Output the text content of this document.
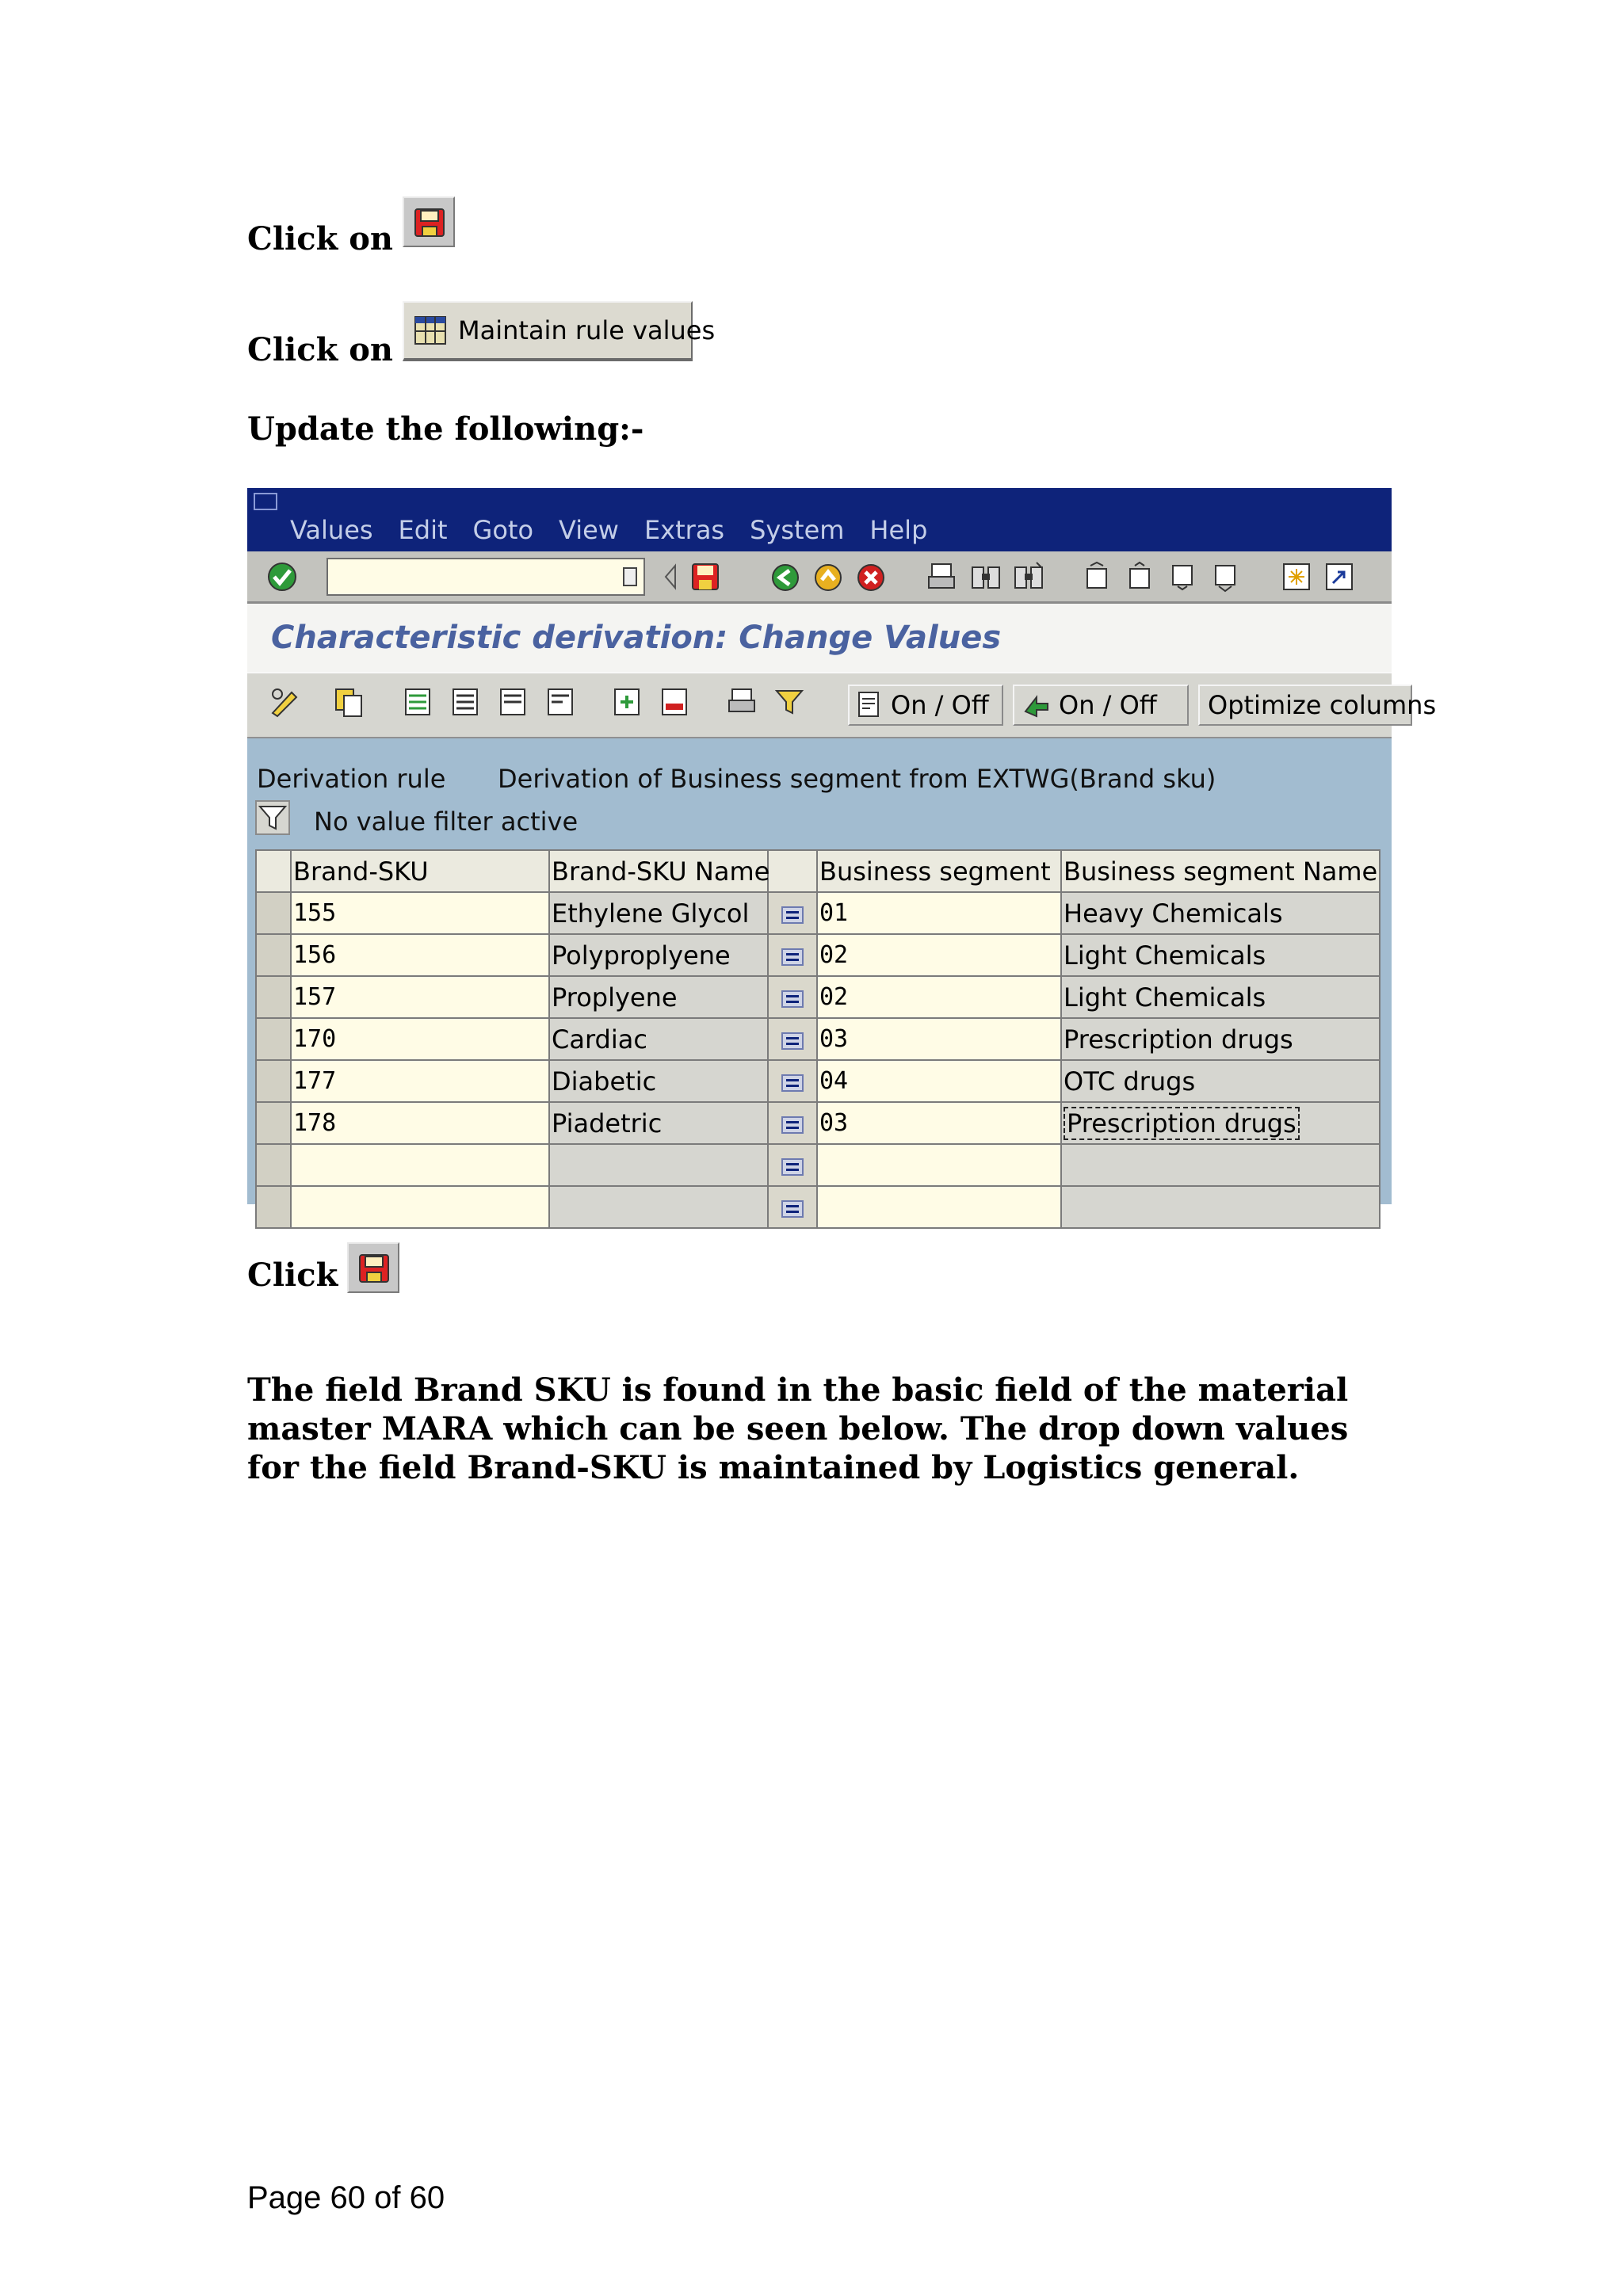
Click on
Click on
Maintain rule values
Update the following:-
Values Edit Goto View Extras System Help
Characteristic derivation: Change Values
On / Off	On / Off Optimize columns
Derivation rule Derivation of Business segment from EXTWG(Brand sku)
No value filter active
	Brand-SKU	Brand-SKU Name		Business segment	Business segment Name
	155	Ethylene Glycol		01	Heavy Chemicals
	156	Polyproplyene		02	Light Chemicals
	157	Proplyene		02	Light Chemicals
	170	Cardiac		03	Prescription drugs
	177	Diabetic		04	OTC drugs
	178	Piadetric		03	Prescription drugs

Click
The field Brand SKU is found in the basic field of the material master MARA which can be seen below. The drop down values for the field Brand-SKU is maintained by Logistics general.
Page 60 of 60
